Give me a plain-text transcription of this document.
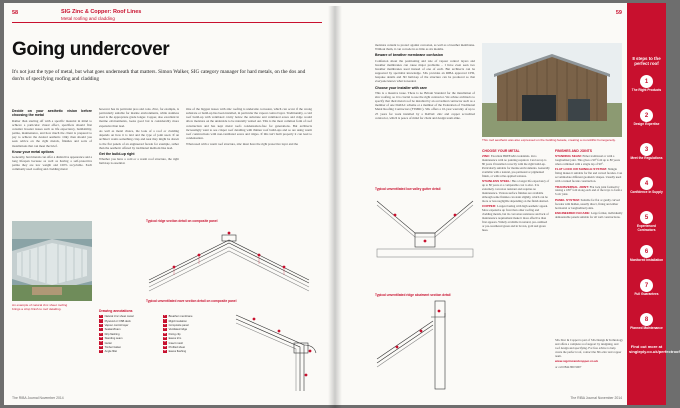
58	SIG Zinc & Copper: Roof Lines
Metal roofing and cladding
Going undercover
It's not just the type of metal, but what goes underneath that matters. Simon Walker, SIG category manager for hard metals, on the dos and don'ts of specifying roofing and cladding
Decide on your aesthetic vision before choosing the metal

Rather than starting off with a specific material in mind to achieve a particular visual effect, specifiers should first consider broader issues such as life expectancy, buildability, patina, maintenance, and how much the client is prepared to pay to achieve the desired aesthetic. Only then should you seek advice on the right metals, finishes and sorts of installations that can meet the brief.

Know your metal options

Generally, hard metals can offer a distinctive appearance and a long lifespan because as well as having a self-protective patina they are low weight and 100% recyclable. Each commonly used roofing and cladding metal

however has its particular pros and cons. Zinc, for example, is particularly suitable for marine environments, while stainless steel is the appropriate grade longer. Copper, also excellent in marine environments, looks good but is considerably more expensive than lead.

As well as metal choice, the look of a roof or cladding depends on how it is laid and the type of joint used. If an architect wants something crisp and neat they might be drawn to the flat panels of an engineered facade for example, rather than the aesthetic offered by traditional methods like lead.

Get the build-up right

Whether you have a cold or a warm roof structure, the right build-up is essential.

One of the biggest issues with zinc roofing is underside corrosion, which can occur if the wrong substrate or build-up has been installed, in particular the vapour control layer. Traditionally, a cold roof build-up with ventilated cavity below the substrate and ventilated eaves and ridge would allow moisture on the underside to be naturally vented out. This is the most common form of roof construction and has kept metal roofs condensation-free for generations. But architects increasingly want to see crisper roof detailing with thinner roof build-ups and so are using warm roof constructions with non-ventilated eaves and ridges. If this isn't built properly it can lead to condensation.

When used with a warm roof structure, zinc must have the right protective layer and the

An example of natural zinc sheet roofing brings a crisp finish to roof detailing.
Typical ridge section detail on composite panel
Typical unventilated eave section detail on composite panel
Drawing annotations
1	Natural zinc sheet metal	2	Breather membrane
3	Plywood or OSB deck	4	Rigid insulation
5	Vapour control layer	6	Composite panel
7	Sealant/foam	8	Ventilated ridge
9	Drip flashing	10 Fixing clip
11 Standing seam	12 Eaves trim
13 Gutter	14 Insect mesh
15 Timber batten	16 Profiled sheet
17 Angle fillet	18 Eaves flashing
The RIBA Journal November 2014
59

moisture content to protect against corrosion, as well as a breather membrane. Without them, it can corrode in as little as six months.

Beware of breather membrane confusion

Confusion about the positioning and role of vapour control layers and breather membranes can cause major problems – I have even seen two breather membranes used instead of one of each. But architects can be supported by specialist knowledge. SIG provides an RIBA approved CPD, bespoke details and 3D build-up of the structure can be produced so that everyone knows what is needed.

Choose your installer with care

This is a massive issue. There is no Britain Standard for the installation of zinc roofing, so it is crucial to use the right contractor. We advise architects to specify that their metal roof be installed by an accredited contractor such as a member of one DATAC scheme or a member of the Federation of Traditional Metal Roofing Contractors (FTMRC). SIG offers a 10-year warranty of up to 25 years for work installed by a DATAC zinc and copper accredited contractor, which is peace of mind for client and design team alike.

This roof aesthetic was also expressed on the building facade, creating a monolithic homogeneity.
Typical unventilated low valley gutter detail
Typical unventilated ridge abutment section detail
CHOOSE YOUR METAL

ZINC: Excellent BREEAM credentials. Zero maintenance with no painting required. Can last up to 80 years if installed correctly with the right build-up. Particularly suitable for marine environments. Generally available with a natural, pre-patinated or pigmented finish, or with roller-applied textures.

STAINLESS STEEL: Has a longer life expectancy of up to 80 years at a comparable cost to zinc. It is extremely corrosion resistant and requires no maintenance. Various surface finishes are available although some finishes can stain slightly, which can be more or less negligible depending on the finish desired.

COPPER: Longest lasting with high aesthetic appeal. More expensive up front than other roofing and cladding metals, but its corrosion resistance and lack of maintenance requirement make it more effective than first appears. Widely available in natural, pre-oxidised or pre-weathered green and in brown, gold and green hues.

FINISHES AND JOINTS

STANDING SEAM: Either traditional or with a longitudinal joint. This gives a 90° fold up to 80 years when combined with a single lap of 90°.

FLAT LOCK OR SHINGLE SYSTEM: Shingle fixing makes it suitable for flat and curved facades. Can accommodate different geometric shapes. Usually used with a vented facade construction.

TRANSVERSAL JOINT: Flat lock joint formed by raising a 180° fold along each end of the trays to form a 'lock' joint.

PANEL SYSTEM: Suitable for flat or gently curved facades with hidden, usually direct, fixing and either horizontal or longitudinal joints.

ENGINEERED FACADE: Large format, individually demountable panels suitable for all wall constructions.

SIG Zinc & Copper is part of SIG Design & Technology and offers a complete roof support by designing, and roof design and specifying. For free advice to help create the perfect roof, contact the SIG zinc and copper team.

www.sigzincandcopper.co.uk

or call 0844 800 9007

8 steps to the perfect roof
1
The Right Products
2
Design Expertise
3
Meet the Regulations
4
Confidence in Supply
5
Experienced Contractors
6
Monitored Installation
7
Full Guarantees
8
Planned Maintenance
Find out more at singleply.co.uk/perfectroof
The RIBA Journal November 2014
